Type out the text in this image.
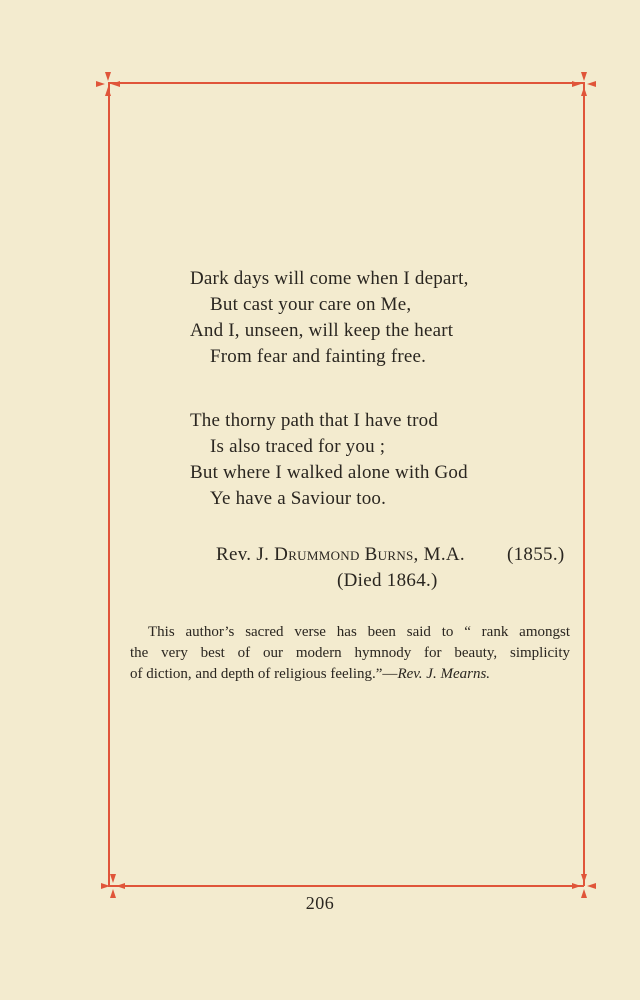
Dark days will come when I depart,
But cast your care on Me,
And I, unseen, will keep the heart
From fear and fainting free.
The thorny path that I have trod
Is also traced for you ;
But where I walked alone with God
Ye have a Saviour too.
Rev. J. Drummond Burns, M.A. (1855.)
(Died 1864.)
This author’s sacred verse has been said to “ rank amongst
the very best of our modern hymnody for beauty, simplicity
of diction, and depth of religious feeling.”—Rev. J. Mearns.
206
